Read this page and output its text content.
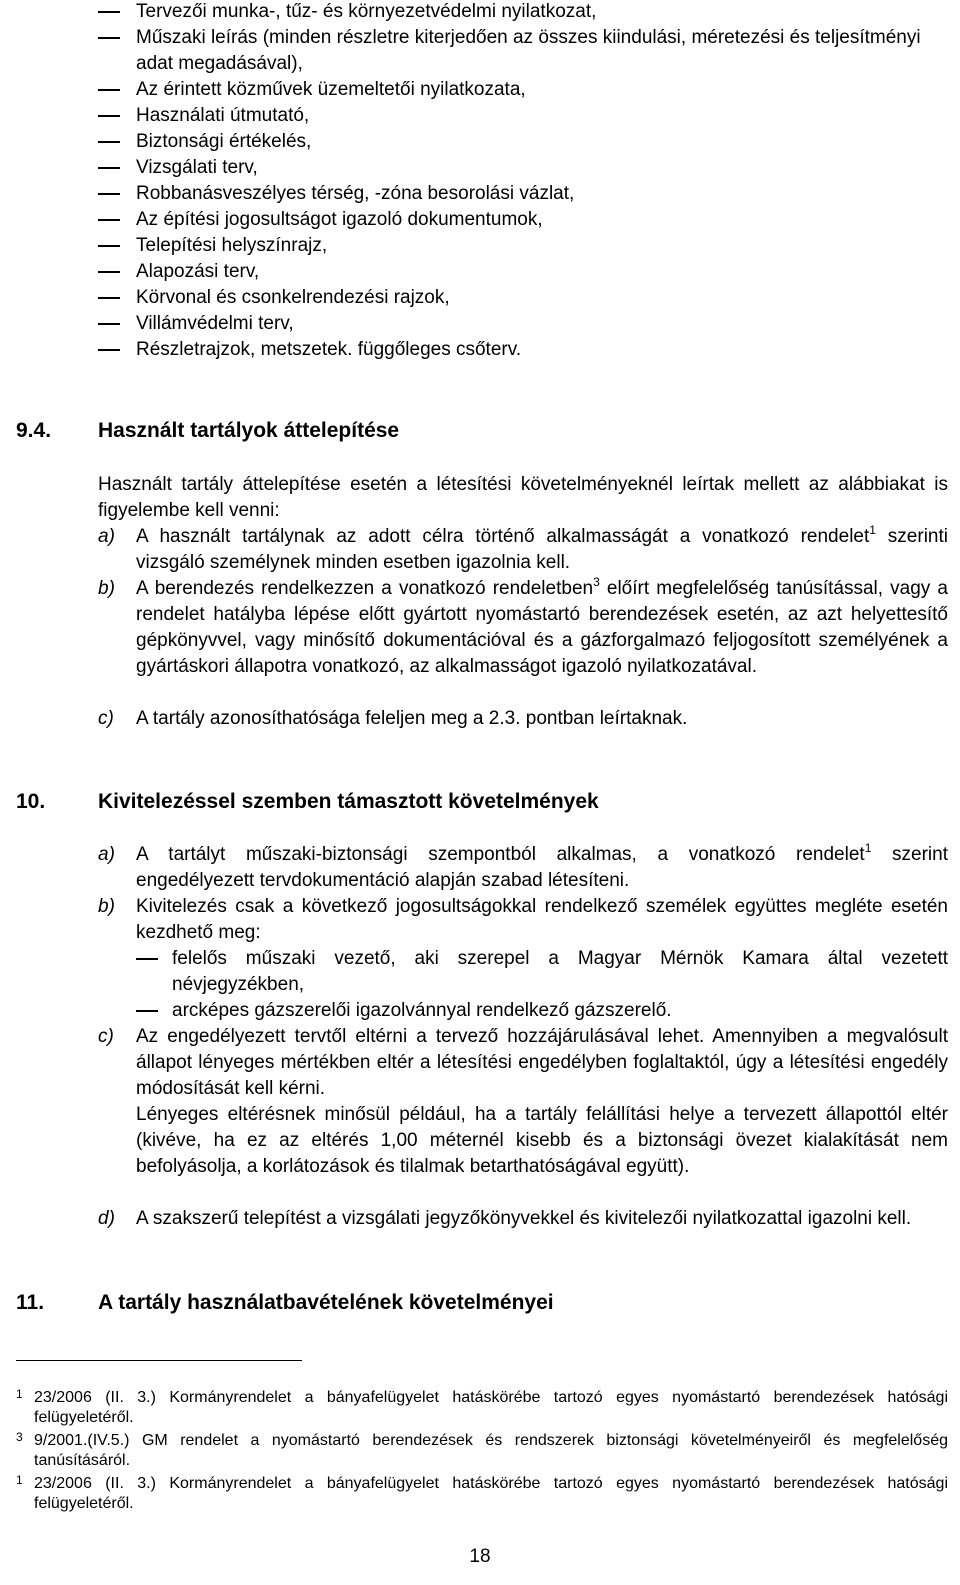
Tervezői munka-, tűz- és környezetvédelmi nyilatkozat,
Műszaki leírás (minden részletre kiterjedően az összes kiindulási, méretezési és teljesítményi adat megadásával),
Az érintett közművek üzemeltetői nyilatkozata,
Használati útmutató,
Biztonsági értékelés,
Vizsgálati terv,
Robbanásveszélyes térség, -zóna besorolási vázlat,
Az építési jogosultságot igazoló dokumentumok,
Telepítési helyszínrajz,
Alapozási terv,
Körvonal és csonkelrendezési rajzok,
Villámvédelmi terv,
Részletrajzok, metszetek. függőleges csőterv.
9.4. Használt tartályok áttelepítése
Használt tartály áttelepítése esetén a létesítési követelményeknél leírtak mellett az alábbiakat is figyelembe kell venni:
a)	A használt tartálynak az adott célra történő alkalmasságát a vonatkozó rendelet$^1$ szerinti vizsgáló személynek minden esetben igazolnia kell.
b)	A berendezés rendelkezzen a vonatkozó rendeletben$^3$ előírt megfelelőség tanúsítással, vagy a rendelet hatályba lépése előtt gyártott nyomástartó berendezések esetén, az azt helyettesítő gépkönyvvel, vagy minősítő dokumentációval és a gázforgalmazó feljogosított személyének a gyártáskori állapotra vonatkozó, az alkalmasságot igazoló nyilatkozatával.
c)	A tartály azonosíthatósága feleljen meg a 2.3. pontban leírtaknak.
10.	Kivitelezéssel szemben támasztott követelmények
a)	A tartályt műszaki-biztonsági szempontból alkalmas, a vonatkozó rendelet$^1$ szerint engedélyezett tervdokumentáció alapján szabad létesíteni.
b) Kivitelezés csak a következő jogosultságokkal rendelkező személek együttes megléte esetén kezdhető meg:

felelős műszaki vezető, aki szerepel a Magyar Mérnök Kamara által vezetett névjegyzékben,
arcképes gázszerelői igazolvánnyal rendelkező gázszerelő.
c) Az engedélyezett tervtől eltérni a tervező hozzájárulásával lehet. Amennyiben a megvalósult állapot lényeges mértékben eltér a létesítési engedélyben foglaltaktól, úgy a létesítési engedély módosítását kell kérni.

Lényeges eltérésnek minősül például, ha a tartály felállítási helye a tervezett állapottól eltér (kivéve, ha ez az eltérés 1,00 méternél kisebb és a biztonsági övezet kialakítását nem befolyásolja, a korlátozások és tilalmak betarthatóságával együtt).

d)	A szakszerű telepítést a vizsgálati jegyzőkönyvekkel és kivitelezői nyilatkozattal igazolni kell.
11.	A tartály használatbavételének követelményei
1 23/2006 (II. 3.) Kormányrendelet a bányafelügyelet hatáskörébe tartozó egyes nyomástartó berendezések hatósági felügyeletéről.
3 9/2001.(IV.5.) GM rendelet a nyomástartó berendezések és rendszerek biztonsági követelményeiről és megfelelőség tanúsításáról.
1 23/2006 (II. 3.) Kormányrendelet a bányafelügyelet hatáskörébe tartozó egyes nyomástartó berendezések hatósági felügyeletéről.
18
